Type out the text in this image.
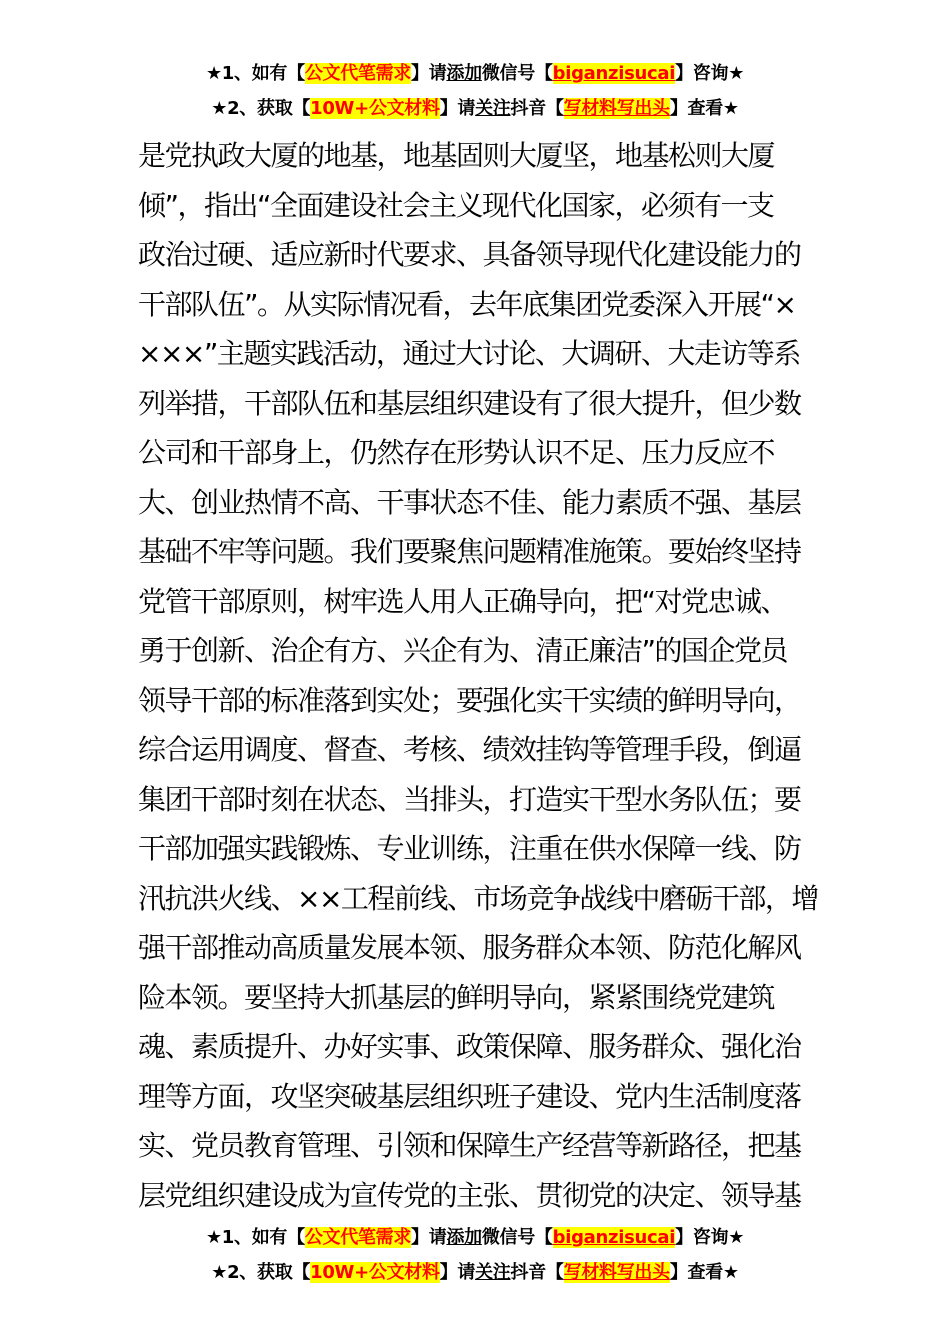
★1、如有【公文代笔需求】请添加微信号【biganzisucai】咨询★
★2、获取【10W+公文材料】请关注抖音【写材料写出头】查看★
是党执政大厦的地基，地基固则大厦坚，地基松则大厦
倾”，指出“全面建设社会主义现代化国家，必须有一支
政治过硬、适应新时代要求、具备领导现代化建设能力的
干部队伍”。从实际情况看，去年底集团党委深入开展“×
×××”主题实践活动，通过大讨论、大调研、大走访等系
列举措，干部队伍和基层组织建设有了很大提升，但少数
公司和干部身上，仍然存在形势认识不足、压力反应不
大、创业热情不高、干事状态不佳、能力素质不强、基层
基础不牢等问题。我们要聚焦问题精准施策。要始终坚持
党管干部原则，树牢选人用人正确导向，把“对党忠诚、
勇于创新、治企有方、兴企有为、清正廉洁”的国企党员
领导干部的标准落到实处；要强化实干实绩的鲜明导向，
综合运用调度、督查、考核、绩效挂钩等管理手段，倒逼
集团干部时刻在状态、当排头，打造实干型水务队伍；要
干部加强实践锻炼、专业训练，注重在供水保障一线、防
汛抗洪火线、××工程前线、市场竞争战线中磨砺干部，增
强干部推动高质量发展本领、服务群众本领、防范化解风
险本领。要坚持大抓基层的鲜明导向，紧紧围绕党建筑
魂、素质提升、办好实事、政策保障、服务群众、强化治
理等方面，攻坚突破基层组织班子建设、党内生活制度落
实、党员教育管理、引领和保障生产经营等新路径，把基
层党组织建设成为宣传党的主张、贯彻党的决定、领导基
★1、如有【公文代笔需求】请添加微信号【biganzisucai】咨询★
★2、获取【10W+公文材料】请关注抖音【写材料写出头】查看★
